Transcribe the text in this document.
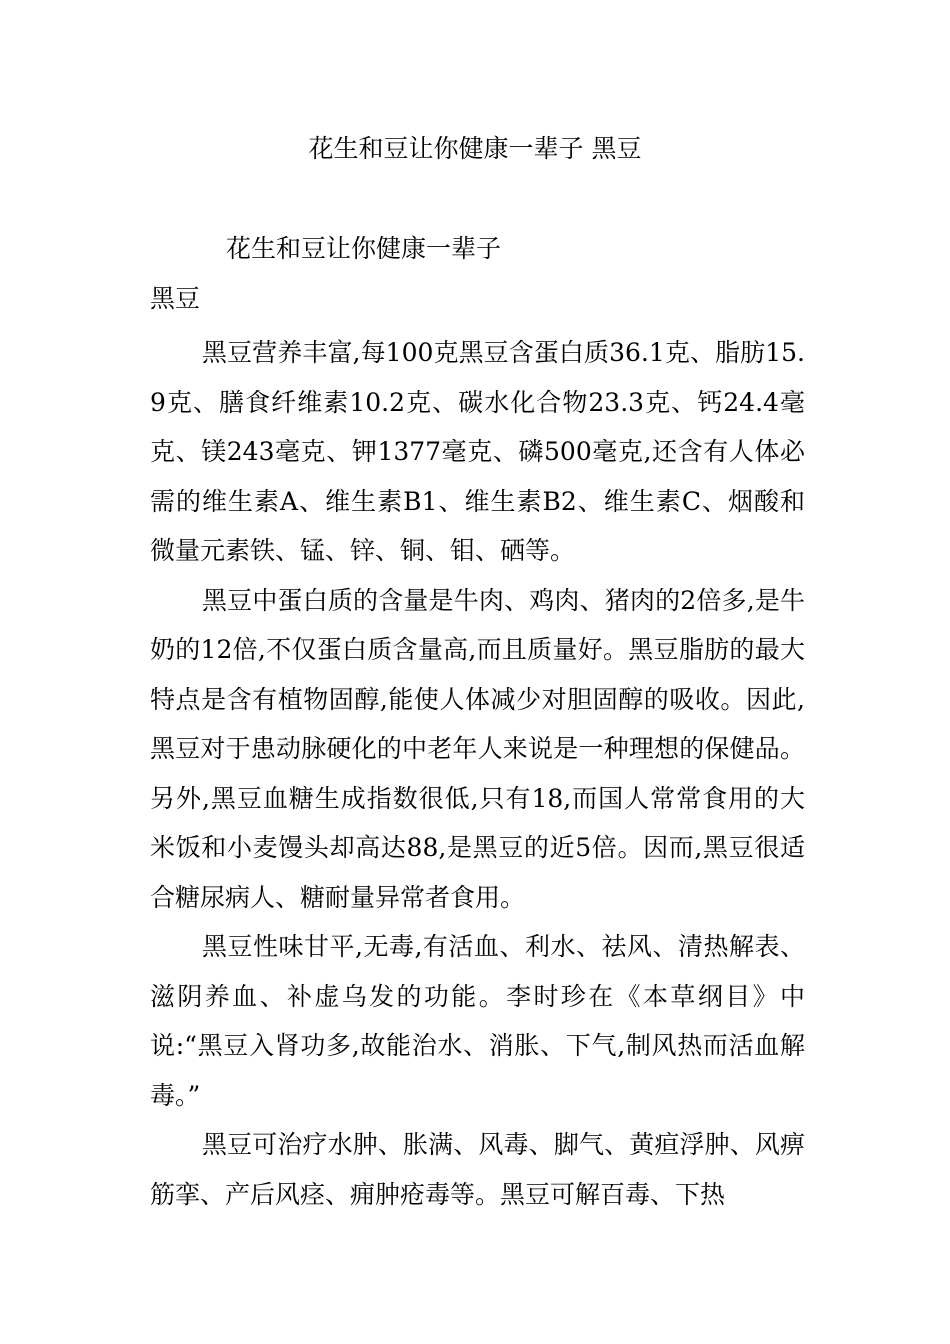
花生和豆让你健康一辈子 黑豆
花生和豆让你健康一辈子
黑豆

黑豆营养丰富,每100克黑豆含蛋白质36.1克、脂肪15.9克、膳食纤维素10.2克、碳水化合物23.3克、钙24.4毫克、镁243毫克、钾1377毫克、磷500毫克,还含有人体必需的维生素A、维生素B1、维生素B2、维生素C、烟酸和微量元素铁、锰、锌、铜、钼、硒等。

黑豆中蛋白质的含量是牛肉、鸡肉、猪肉的2倍多,是牛奶的12倍,不仅蛋白质含量高,而且质量好。黑豆脂肪的最大特点是含有植物固醇,能使人体减少对胆固醇的吸收。因此,黑豆对于患动脉硬化的中老年人来说是一种理想的保健品。另外,黑豆血糖生成指数很低,只有18,而国人常常食用的大米饭和小麦馒头却高达88,是黑豆的近5倍。因而,黑豆很适合糖尿病人、糖耐量异常者食用。

黑豆性味甘平,无毒,有活血、利水、祛风、清热解表、滋阴养血、补虚乌发的功能。李时珍在《本草纲目》中说:“黑豆入肾功多,故能治水、消胀、下气,制风热而活血解毒。”

黑豆可治疗水肿、胀满、风毒、脚气、黄疸浮肿、风痹筋挛、产后风痉、痈肿疮毒等。黑豆可解百毒、下热
